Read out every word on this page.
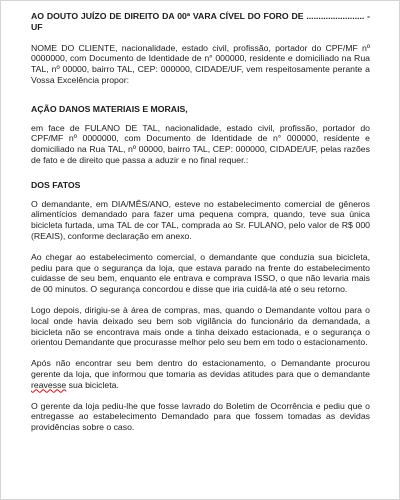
AO DOUTO JUÍZO DE DIREITO DA 00ª VARA CÍVEL DO FORO DE ........................ - UF

NOME DO CLIENTE, nacionalidade, estado civil, profissão, portador do CPF/MF nº 0000000, com Documento de Identidade de n° 000000, residente e domiciliado na Rua TAL, nº 00000, bairro TAL, CEP: 000000, CIDADE/UF, vem respeitosamente perante a Vossa Excelência propor:

AÇÃO DANOS MATERIAIS E MORAIS,

em face de FULANO DE TAL, nacionalidade, estado civil, profissão, portador do CPF/MF nº 0000000, com Documento de Identidade de n° 000000, residente e domiciliado na Rua TAL, nº 00000, bairro TAL, CEP: 000000, CIDADE/UF, pelas razões de fato e de direito que passa a aduzir e no final requer.:

DOS FATOS

O demandante, em DIA/MÊS/ANO, esteve no estabelecimento comercial de gêneros alimentícios demandado para fazer uma pequena compra, quando, teve sua única bicicleta furtada, uma TAL de cor TAL, comprada ao Sr. FULANO, pelo valor de R$ 000 (REAIS), conforme declaração em anexo.

Ao chegar ao estabelecimento comercial, o demandante que conduzia sua bicicleta, pediu para que o segurança da loja, que estava parado na frente do estabelecimento cuidasse de seu bem, enquanto ele entrava e comprava ISSO, o que não levaria mais de 00 minutos. O segurança concordou e disse que iria cuidá-la até o seu retorno.

Logo depois, dirigiu-se à área de compras, mas, quando o Demandante voltou para o local onde havia deixado seu bem sob vigilância do funcionário da demandada, a bicicleta não se encontrava mais onde a tinha deixado estacionada, e o segurança o orientou Demandante que procurasse melhor pelo seu bem em todo o estacionamento.

Após não encontrar seu bem dentro do estacionamento, o Demandante procurou gerente da loja, que informou que tomaria as devidas atitudes para que o demandante reavesse sua bicicleta.

O gerente da loja pediu-lhe que fosse lavrado do Boletim de Ocorrência e pediu que o entregasse ao estabelecimento Demandado para que fossem tomadas as devidas providências sobre o caso.
